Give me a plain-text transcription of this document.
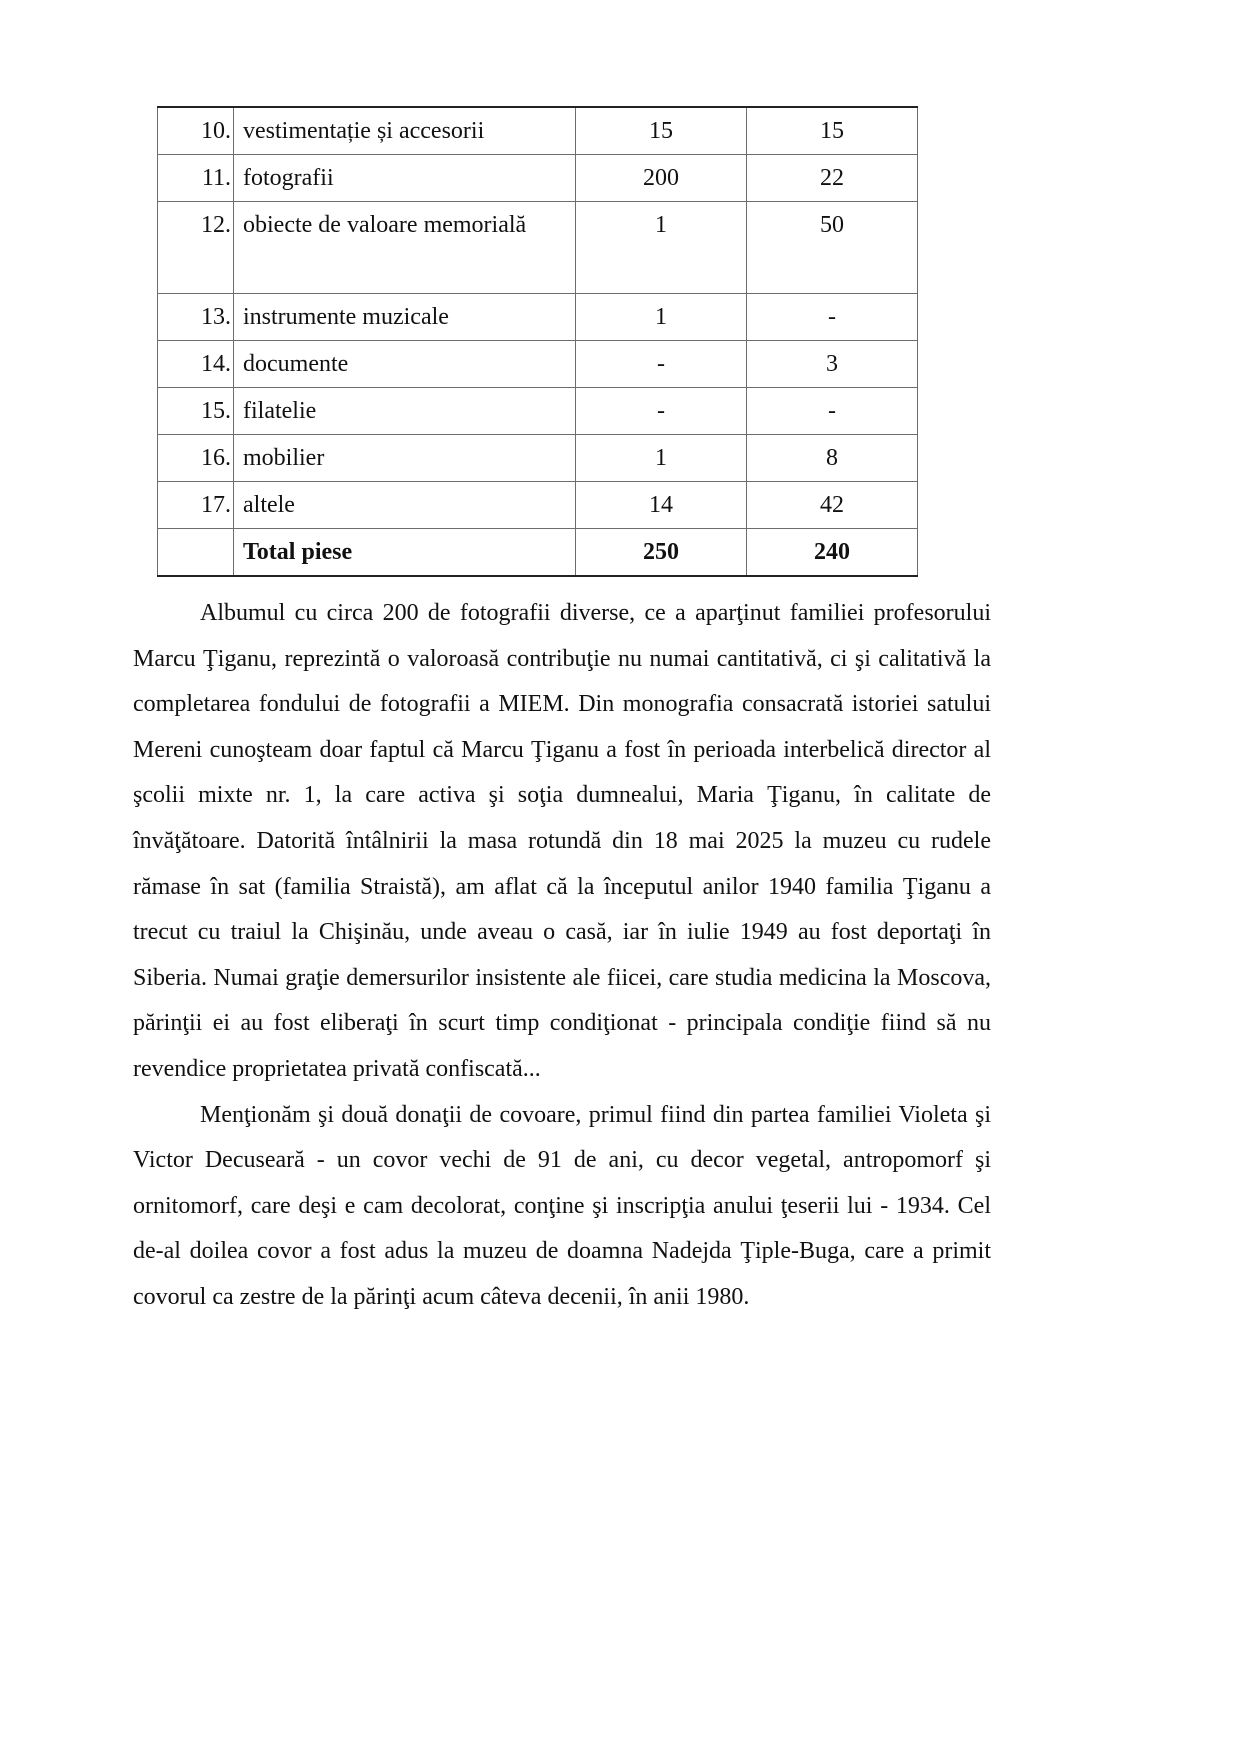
10.	vestimentație și accesorii	15	15
11.	fotografii	200	22
12.	obiecte de valoare memorială	1	50
13.	instrumente muzicale	1	-
14.	documente	-	3
15.	filatelie	-	-
16.	mobilier	1	8
17.	altele	14	42
	Total piese	250	240

Albumul cu circa 200 de fotografii diverse, ce a aparţinut familiei profesorului Marcu Ţiganu, reprezintă o valoroasă contribuţie nu numai cantitativă, ci şi calitativă la completarea fondului de fotografii a MIEM. Din monografia consacrată istoriei satului Mereni cunoşteam doar faptul că Marcu Ţiganu a fost în perioada interbelică director al şcolii mixte nr. 1, la care activa şi soţia dumnealui, Maria Ţiganu, în calitate de învăţătoare. Datorită întâlnirii la masa rotundă din 18 mai 2025 la muzeu cu rudele rămase în sat (familia Straistă), am aflat că la începutul anilor 1940 familia Ţiganu a trecut cu traiul la Chişinău, unde aveau o casă, iar în iulie 1949 au fost deportaţi în Siberia. Numai graţie demersurilor insistente ale fiicei, care studia medicina la Moscova, părinţii ei au fost eliberaţi în scurt timp condiţionat - principala condiţie fiind să nu revendice proprietatea privată confiscată...

Menţionăm şi două donaţii de covoare, primul fiind din partea familiei Violeta şi Victor Decuseară - un covor vechi de 91 de ani, cu decor vegetal, antropomorf şi ornitomorf, care deşi e cam decolorat, conţine şi inscripţia anului ţeserii lui - 1934. Cel de-al doilea covor a fost adus la muzeu de doamna Nadejda Ţiple-Buga, care a primit covorul ca zestre de la părinţi acum câteva decenii, în anii 1980.
